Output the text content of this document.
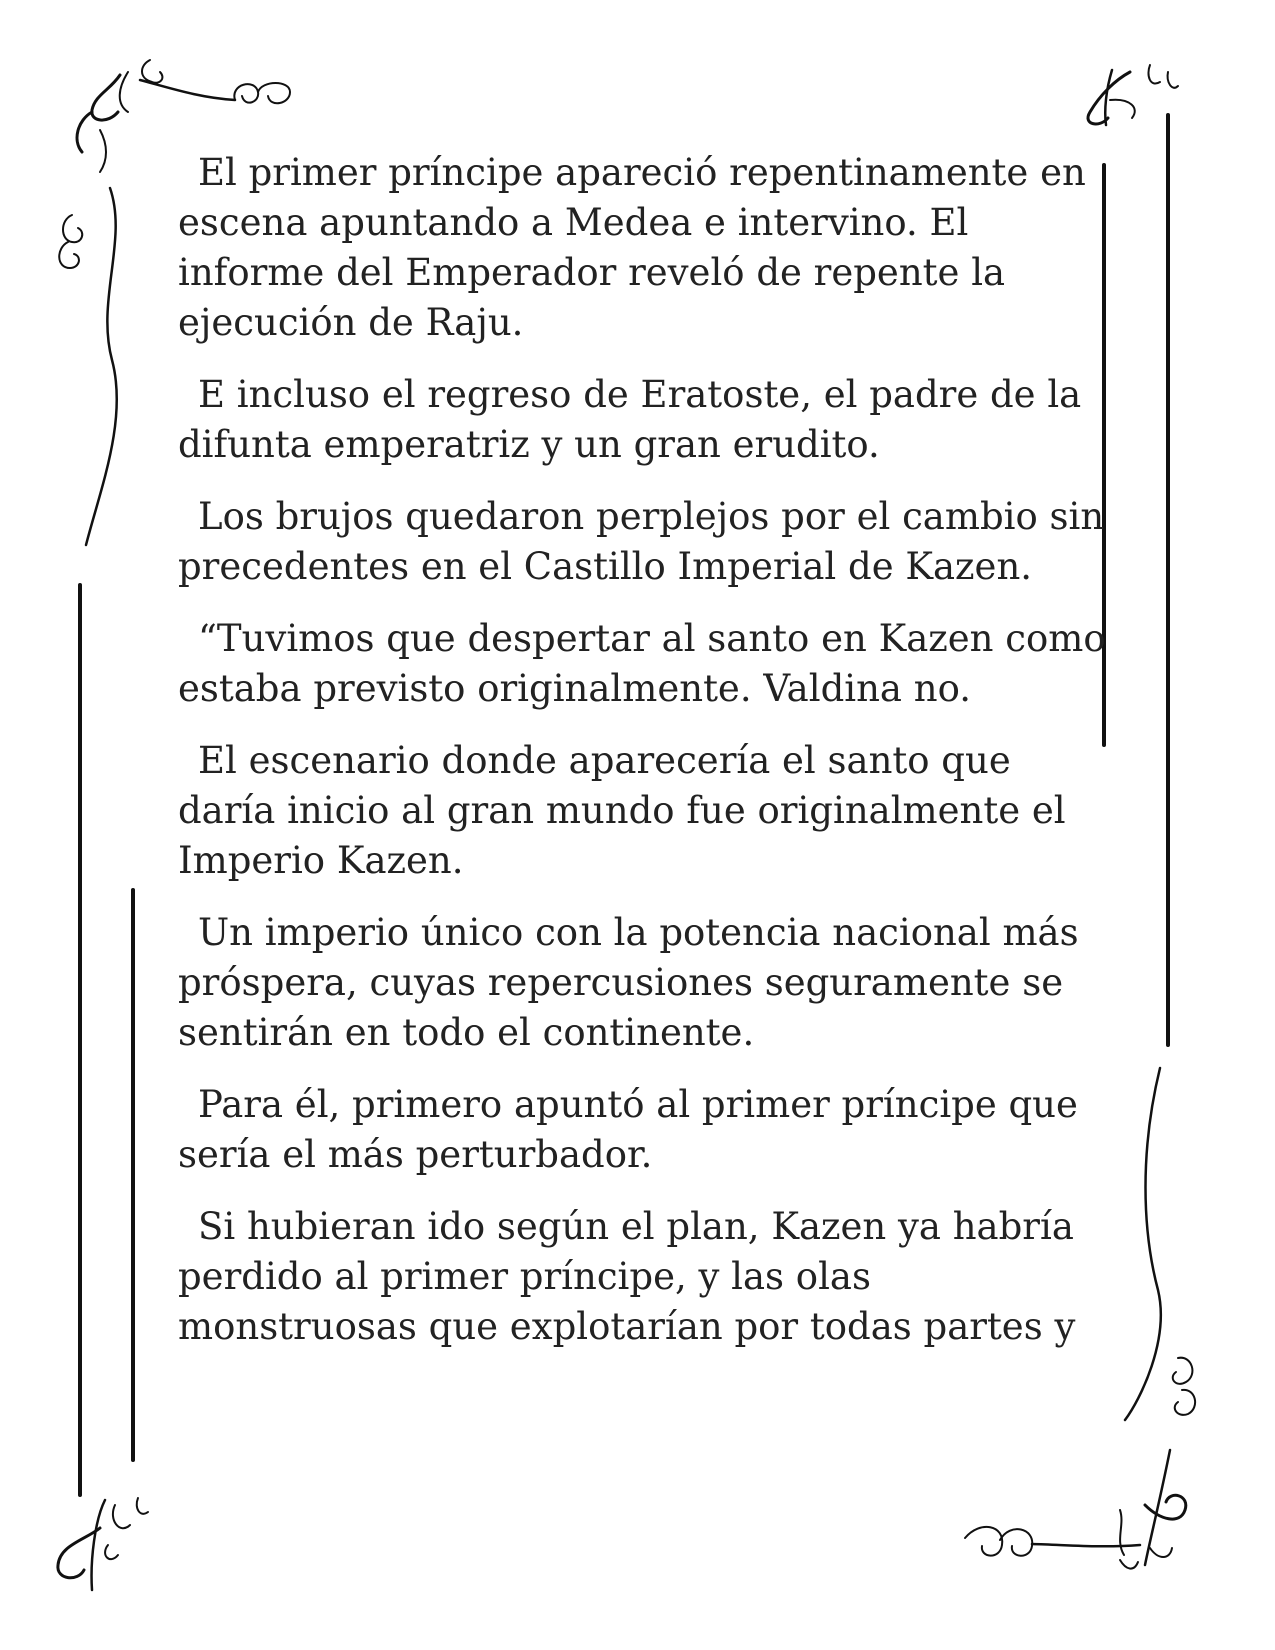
El primer príncipe apareció repentinamente en escena apuntando a Medea e intervino. El informe del Emperador reveló de repente la ejecución de Raju.

E incluso el regreso de Eratoste, el padre de la difunta emperatriz y un gran erudito.

Los brujos quedaron perplejos por el cambio sin precedentes en el Castillo Imperial de Kazen.

“Tuvimos que despertar al santo en Kazen como estaba previsto originalmente. Valdina no.

El escenario donde aparecería el santo que daría inicio al gran mundo fue originalmente el Imperio Kazen.

Un imperio único con la potencia nacional más próspera, cuyas repercusiones seguramente se sentirán en todo el continente.

Para él, primero apuntó al primer príncipe que sería el más perturbador.

Si hubieran ido según el plan, Kazen ya habría perdido al primer príncipe, y las olas monstruosas que explotarían por todas partes y
